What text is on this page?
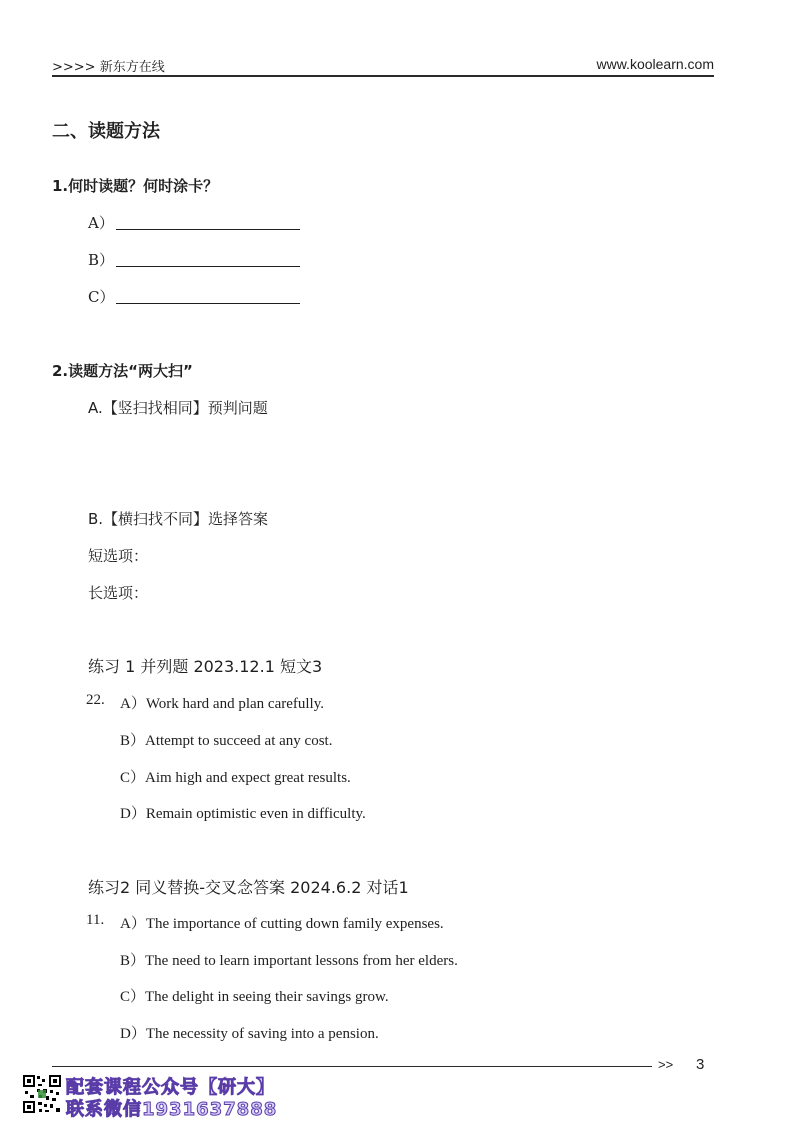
>>>> 新东方在线	www.koolearn.com
二、读题方法
1.何时读题？何时涂卡？
A）
B）
C）
2.读题方法“两大扫”
A.【竖扫找相同】预判问题
B.【横扫找不同】选择答案
短选项：
长选项：
练习 1 并列题 2023.12.1 短文3
22. A）Work hard and plan carefully.
B）Attempt to succeed at any cost.
C）Aim high and expect great results.
D）Remain optimistic even in difficulty.
练习2 同义替换-交叉念答案 2024.6.2 对话1
11. A）The importance of cutting down family expenses.
B）The need to learn important lessons from her elders.
C）The delight in seeing their savings grow.
D）The necessity of saving into a pension.
>> 3
配套课程公众号【研大】
联系微信1931637888
